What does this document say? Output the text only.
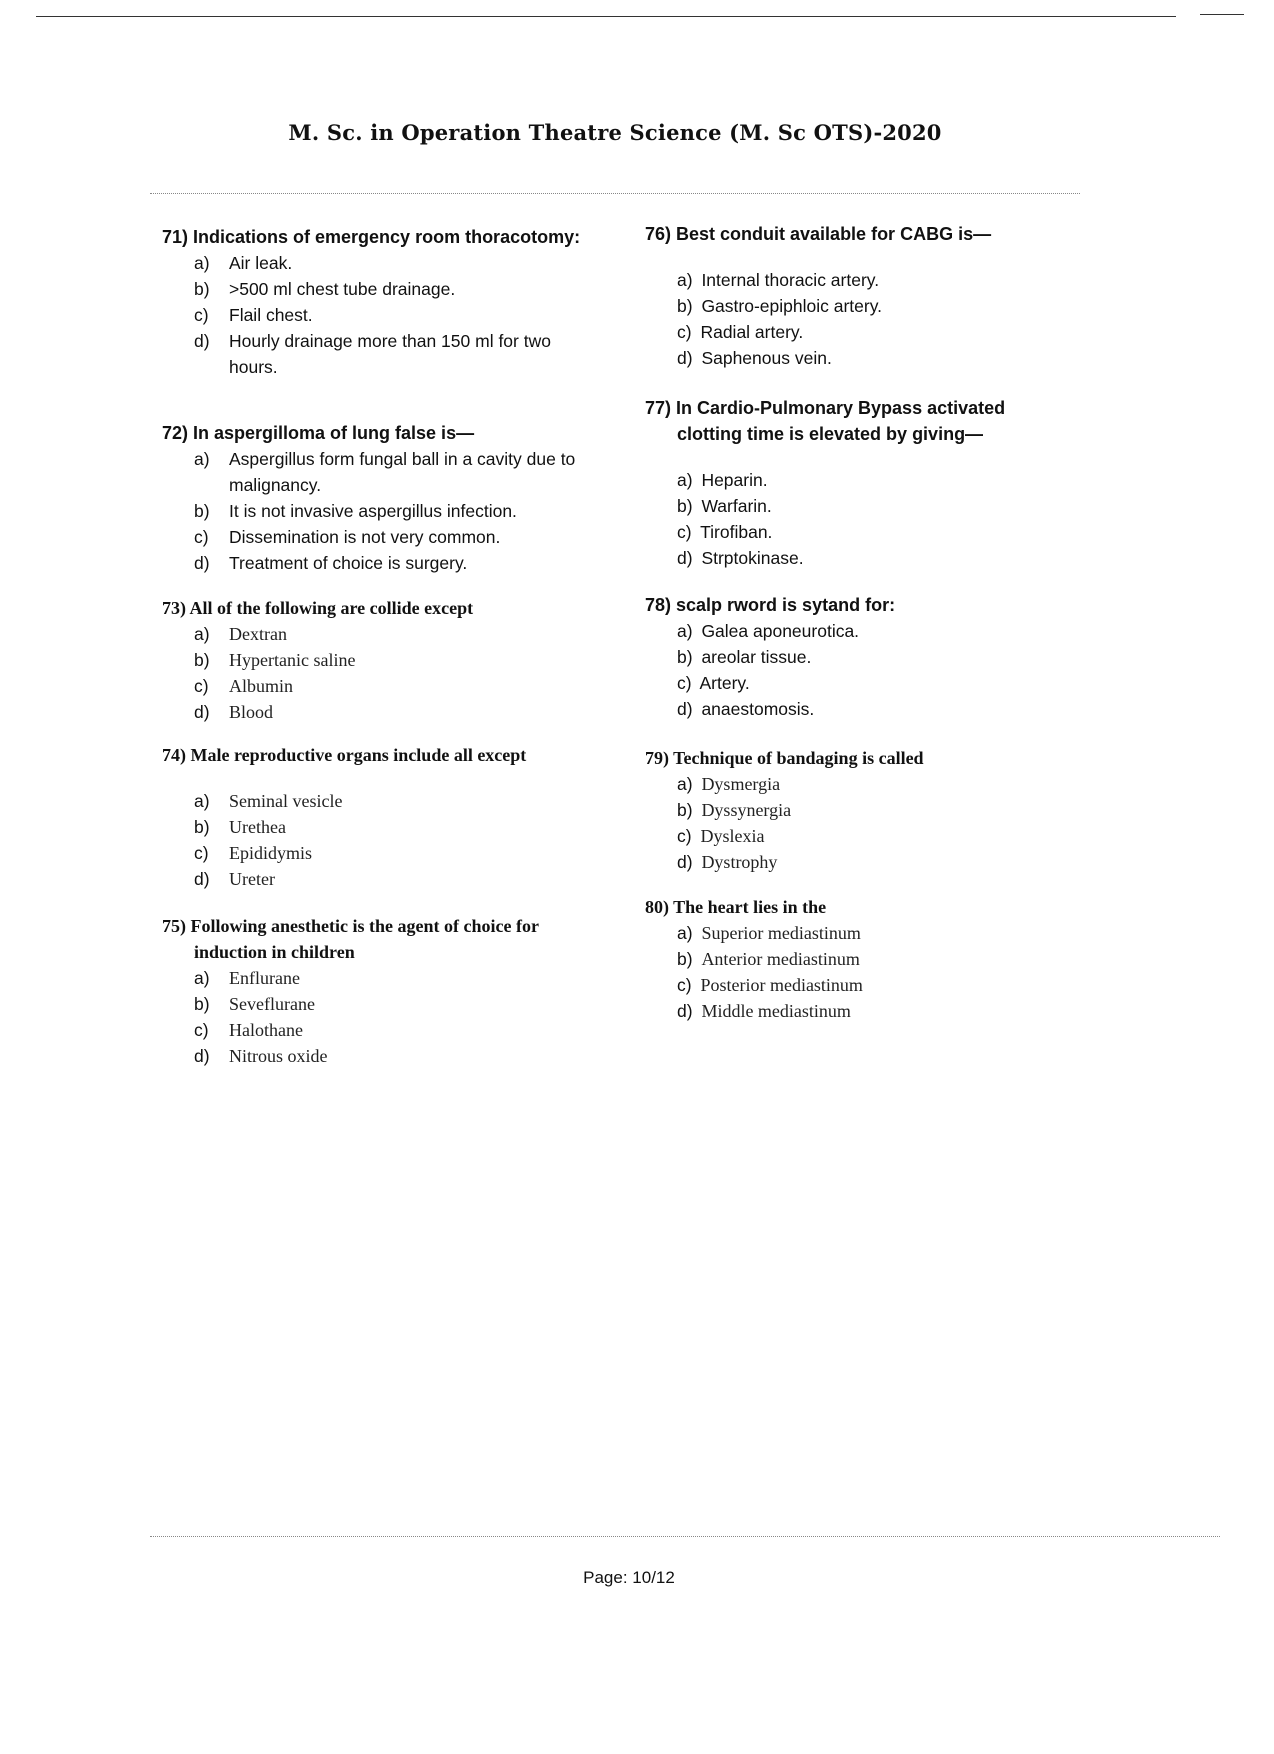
M. Sc. in Operation Theatre Science (M. Sc OTS)-2020
71) Indications of emergency room thoracotomy:
a) Air leak.
b) >500 ml chest tube drainage.
c) Flail chest.
d) Hourly drainage more than 150 ml for two hours.
72) In aspergilloma of lung false is—
a) Aspergillus form fungal ball in a cavity due to malignancy.
b) It is not invasive aspergillus infection.
c) Dissemination is not very common.
d) Treatment of choice is surgery.
73) All of the following are collide except
a) Dextran
b) Hypertanic saline
c) Albumin
d) Blood
74) Male reproductive organs include all except
a) Seminal vesicle
b) Urethea
c) Epididymis
d) Ureter
75) Following anesthetic is the agent of choice for induction in children
a) Enflurane
b) Seveflurane
c) Halothane
d) Nitrous oxide
76) Best conduit available for CABG is—
a) Internal thoracic artery.
b) Gastro-epiphloic artery.
c) Radial artery.
d) Saphenous vein.
77) In Cardio-Pulmonary Bypass activated clotting time is elevated by giving—
a) Heparin.
b) Warfarin.
c) Tirofiban.
d) Strptokinase.
78) scalp rword is sytand for:
a) Galea aponeurotica.
b) areolar tissue.
c) Artery.
d) anaestomosis.
79) Technique of bandaging is called
a) Dysmergia
b) Dyssynergia
c) Dyslexia
d) Dystrophy
80) The heart lies in the
a) Superior mediastinum
b) Anterior mediastinum
c) Posterior mediastinum
d) Middle mediastinum
Page: 10/12
